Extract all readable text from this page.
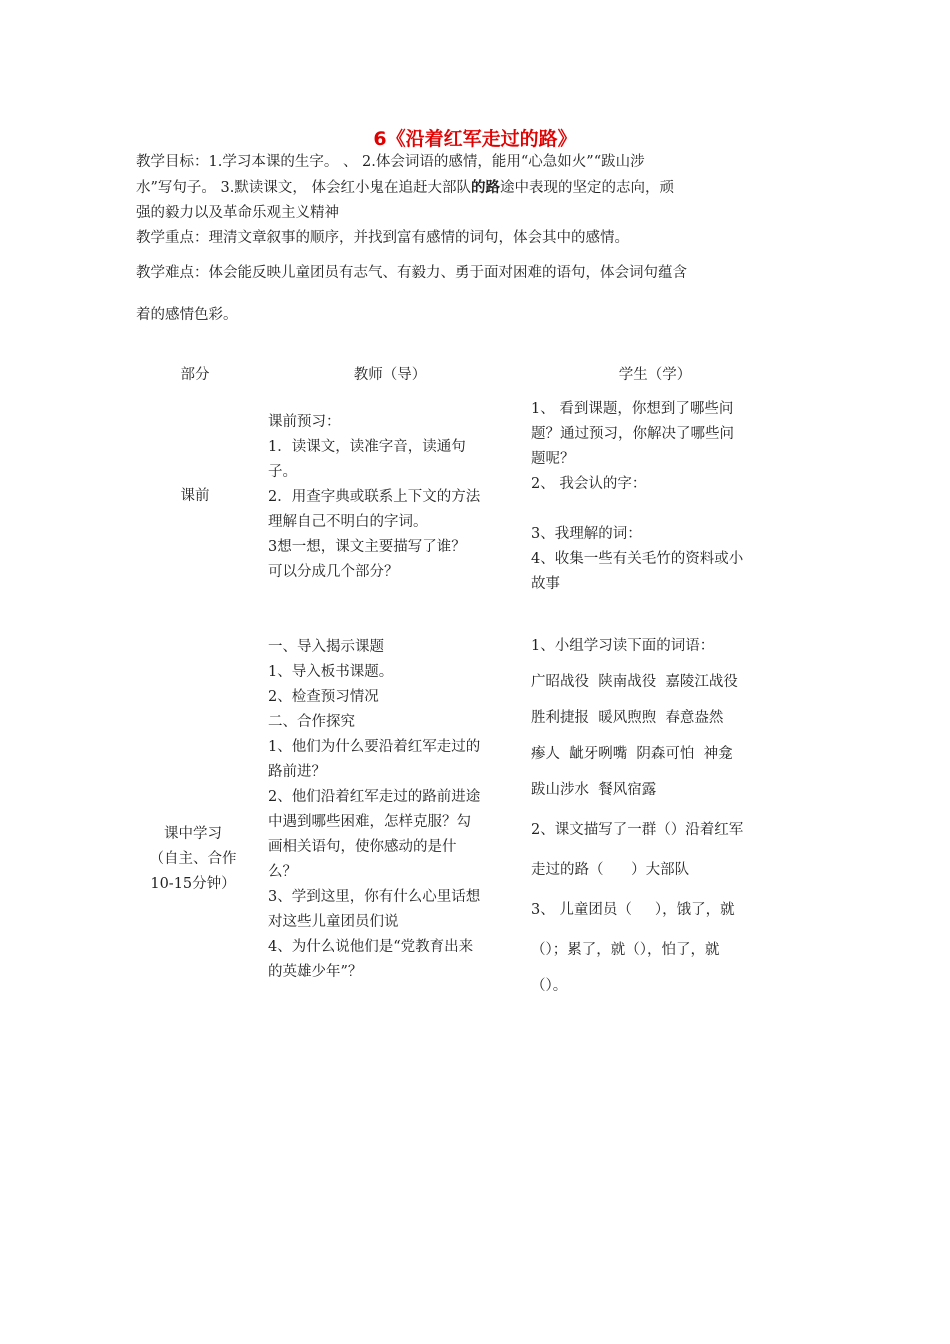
6《沿着红军走过的路》

教学目标：1.学习本课的生字。 、 2.体会词语的感情，能用“心急如火”“跋山涉

水”写句子。 3.默读课文， 体会红小鬼在追赶大部队的路途中表现的坚定的志向，顽

强的毅力以及革命乐观主义精神

教学重点：理清文章叙事的顺序，并找到富有感情的词句，体会其中的感情。

教学难点：体会能反映儿童团员有志气、有毅力、勇于面对困难的语句，体会词句蕴含

着的感情色彩。

部分	教师（导）	学生（学）

课前

课前预习：

1．读课文，读准字音，读通句

子。

2．用查字典或联系上下文的方法

理解自己不明白的字词。

3想一想，课文主要描写了谁？

可以分成几个部分？

1、 看到课题，你想到了哪些问

题？通过预习，你解决了哪些问

题呢？

2、 我会认的字：

3、我理解的词：

4、收集一些有关毛竹的资料或小

故事

课中学习

（自主、合作

10-15分钟）

一、导入揭示课题

1、导入板书课题。

2、检查预习情况

二、合作探究

1、他们为什么要沿着红军走过的

路前进？

2、他们沿着红军走过的路前进途

中遇到哪些困难，怎样克服？勾

画相关语句，使你感动的是什

么？

3、学到这里，你有什么心里话想

对这些儿童团员们说

4、为什么说他们是“党教育出来

的英雄少年”？

1、小组学习读下面的词语：

广昭战役  陕南战役  嘉陵江战役

胜利捷报  暖风煦煦  春意盎然

瘆人  龇牙咧嘴  阴森可怕  神龛

跋山涉水  餐风宿露

2、课文描写了一群（）沿着红军

走过的路（      ）大部队

3、 儿童团员（     ），饿了，就

（）；累了，就（），怕了，就

（）。
